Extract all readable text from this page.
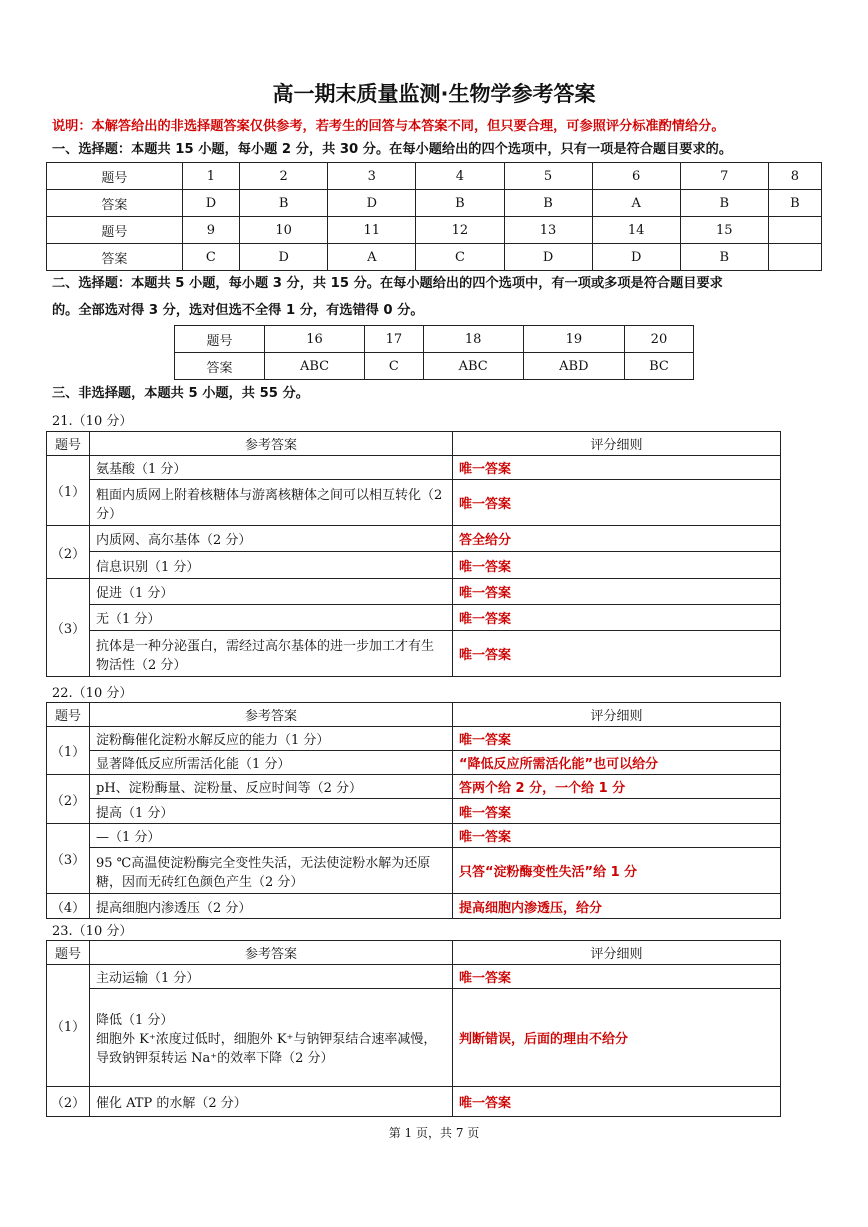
高一期末质量监测·生物学参考答案
说明：本解答给出的非选择题答案仅供参考，若考生的回答与本答案不同，但只要合理，可参照评分标准酌情给分。
一、选择题：本题共 15 小题，每小题 2 分，共 30 分。在每小题给出的四个选项中，只有一项是符合题目要求的。
题号	1	2	3	4	5	6	7	8
答案	D	B	D	B	B	A	B	B
题号	9	10	11	12	13	14	15	
答案	C	D	A	C	D	D	B	
二、选择题：本题共 5 小题，每小题 3 分，共 15 分。在每小题给出的四个选项中，有一项或多项是符合题目要求
的。全部选对得 3 分，选对但选不全得 1 分，有选错得 0 分。
题号	16	17	18	19	20
答案	ABC	C	ABC	ABD	BC
三、非选择题，本题共 5 小题，共 55 分。
21.（10 分）
题号	参考答案	评分细则
（1）	氨基酸（1 分）	唯一答案
	粗面内质网上附着核糖体与游离核糖体之间可以相互转化（2 分）	唯一答案
（2）	内质网、高尔基体（2 分）	答全给分
	信息识别（1 分）	唯一答案
（3）	促进（1 分）	唯一答案
	无（1 分）	唯一答案
	抗体是一种分泌蛋白，需经过高尔基体的进一步加工才有生物活性（2 分）	唯一答案
22.（10 分）
题号	参考答案	评分细则
（1）	淀粉酶催化淀粉水解反应的能力（1 分）	唯一答案
	显著降低反应所需活化能（1 分）	“降低反应所需活化能”也可以给分
（2）	pH、淀粉酶量、淀粉量、反应时间等（2 分）	答两个给 2 分，一个给 1 分
	提高（1 分）	唯一答案
（3）	—（1 分）	唯一答案
	95 ℃高温使淀粉酶完全变性失活，无法使淀粉水解为还原糖，因而无砖红色颜色产生（2 分）	只答“淀粉酶变性失活”给 1 分
（4）	提高细胞内渗透压（2 分）	提高细胞内渗透压，给分
23.（10 分）
题号	参考答案	评分细则
（1）	主动运输（1 分）	唯一答案
	降低（1 分）
细胞外 K⁺浓度过低时，细胞外 K⁺与钠钾泵结合速率减慢，导致钠钾泵转运 Na⁺的效率下降（2 分）	判断错误，后面的理由不给分
（2）	催化 ATP 的水解（2 分）	唯一答案
第 1 页，共 7 页
